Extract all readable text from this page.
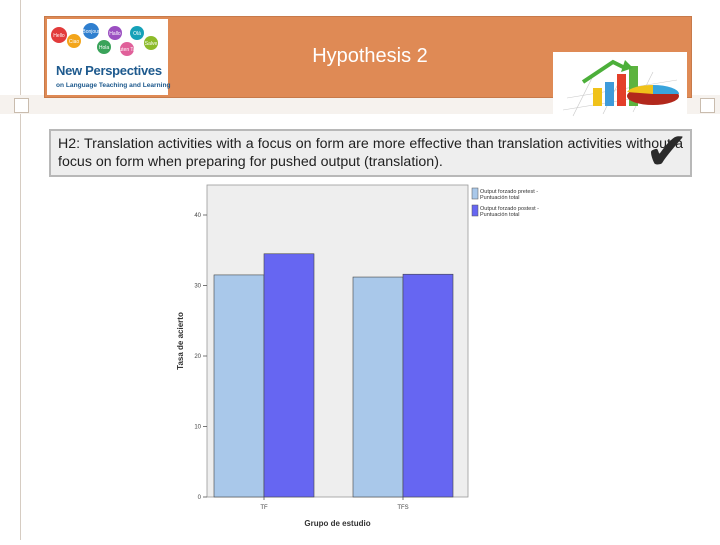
Hello
Ciao
Bonjour
Hola
Hallo
Guten Tag
Olá
Salve
New Perspectives
on Language Teaching and Learning
Hypothesis 2
H2: Translation activities with a focus on form are more effective than translation activities without a focus on form when preparing for pushed output (translation).	✔
0
10
20
30
40
TF	TFS
Grupo de estudio
Tasa de acierto
Output forzado pretest -
Puntuación total
Output forzado postest -
Puntuación total
